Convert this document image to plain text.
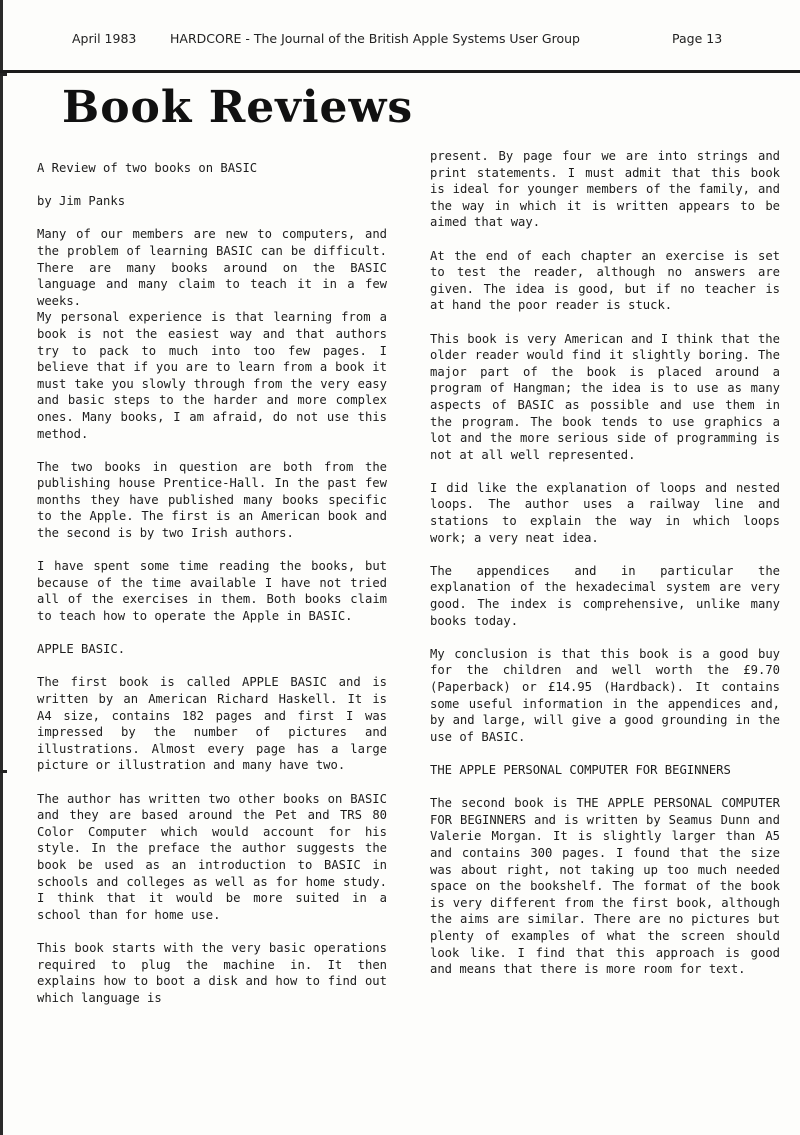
April 1983	HARDCORE - The Journal of the British Apple Systems User Group	Page 13
Book Reviews

A Review of two books on BASIC

by Jim Panks

Many of our members are new to computers, and the problem of learning BASIC can be difficult. There are many books around on the BASIC language and many claim to teach it in a few weeks.

My personal experience is that learning from a book is not the easiest way and that authors try to pack to much into too few pages. I believe that if you are to learn from a book it must take you slowly through from the very easy and basic steps to the harder and more complex ones. Many books, I am afraid, do not use this method.

The two books in question are both from the publishing house Prentice-Hall. In the past few months they have published many books specific to the Apple. The first is an American book and the second is by two Irish authors.

I have spent some time reading the books, but because of the time available I have not tried all of the exercises in them. Both books claim to teach how to operate the Apple in BASIC.

APPLE BASIC.

The first book is called APPLE BASIC and is written by an American Richard Haskell. It is A4 size, contains 182 pages and first I was impressed by the number of pictures and illustrations. Almost every page has a large picture or illustration and many have two.

The author has written two other books on BASIC and they are based around the Pet and TRS 80 Color Computer which would account for his style. In the preface the author suggests the book be used as an introduction to BASIC in schools and colleges as well as for home study. I think that it would be more suited in a school than for home use.

This book starts with the very basic operations required to plug the machine in. It then explains how to boot a disk and how to find out which language is

present. By page four we are into strings and print statements. I must admit that this book is ideal for younger members of the family, and the way in which it is written appears to be aimed that way.

At the end of each chapter an exercise is set to test the reader, although no answers are given. The idea is good, but if no teacher is at hand the poor reader is stuck.

This book is very American and I think that the older reader would find it slightly boring. The major part of the book is placed around a program of Hangman; the idea is to use as many aspects of BASIC as possible and use them in the program. The book tends to use graphics a lot and the more serious side of programming is not at all well represented.

I did like the explanation of loops and nested loops. The author uses a railway line and stations to explain the way in which loops work; a very neat idea.

The appendices and in particular the explanation of the hexadecimal system are very good. The index is comprehensive, unlike many books today.

My conclusion is that this book is a good buy for the children and well worth the £9.70 (Paperback) or £14.95 (Hardback). It contains some useful information in the appendices and, by and large, will give a good grounding in the use of BASIC.

THE APPLE PERSONAL COMPUTER FOR BEGINNERS

The second book is THE APPLE PERSONAL COMPUTER FOR BEGINNERS and is written by Seamus Dunn and Valerie Morgan. It is slightly larger than A5 and contains 300 pages. I found that the size was about right, not taking up too much needed space on the bookshelf. The format of the book is very different from the first book, although the aims are similar. There are no pictures but plenty of examples of what the screen should look like. I find that this approach is good and means that there is more room for text.
